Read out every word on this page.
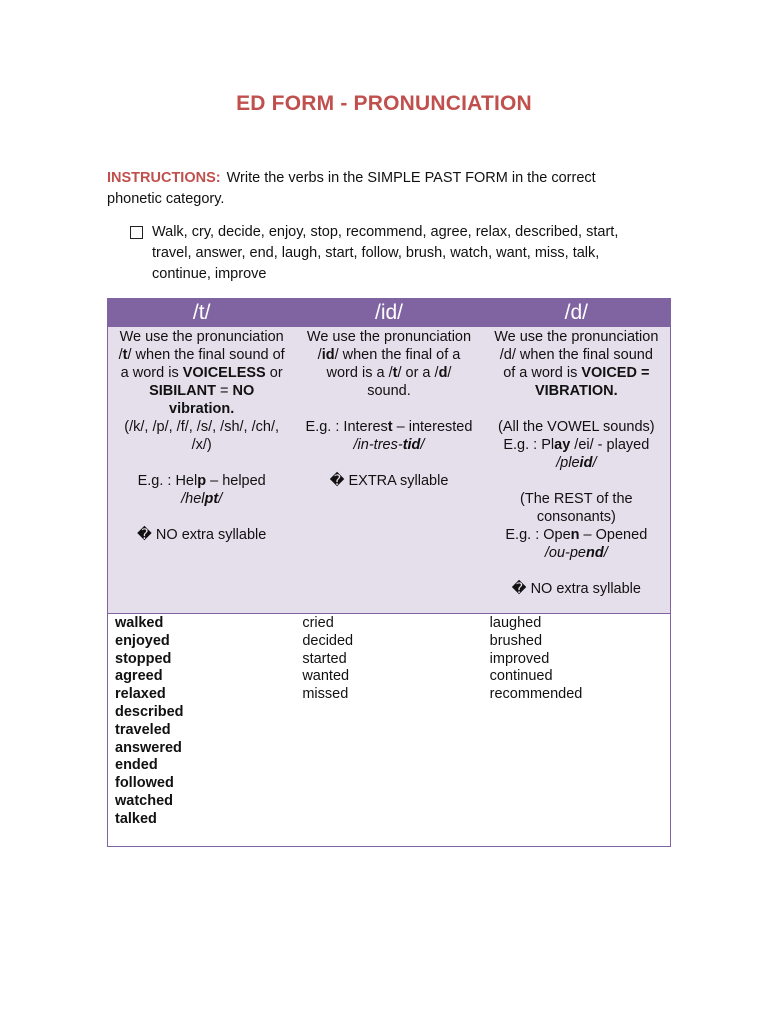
ED FORM - PRONUNCIATION
INSTRUCTIONS: Write the verbs in the SIMPLE PAST FORM in the correct phonetic category.
Walk, cry, decide, enjoy, stop, recommend, agree, relax, described, start, travel, answer, end, laugh, start, follow, brush, watch, want, miss, talk, continue, improve
/t/	/id/	/d/
We use the pronunciation
/t/ when the final sound of
a word is VOICELESS or
SIBILANT = NO
vibration.
(/k/, /p/, /f/, /s/, /sh/, /ch/,
/x/)
E.g. : Help – helped
/helpt/
� NO extra syllable
We use the pronunciation
/id/ when the final of a
word is a /t/ or a /d/
sound.
E.g. : Interest – interested
/in-tres-tid/
� EXTRA syllable
We use the pronunciation
/d/ when the final sound
of a word is VOICED =
VIBRATION.
(All the VOWEL sounds)
E.g. : Play /ei/ - played
/pleid/
(The REST of the
consonants)
E.g. : Open – Opened
/ou-pend/
� NO extra syllable
walked
enjoyed
stopped
agreed
relaxed
described
traveled
answered
ended
followed
watched
talked
cried
decided
started
wanted
missed
laughed
brushed
improved
continued
recommended
